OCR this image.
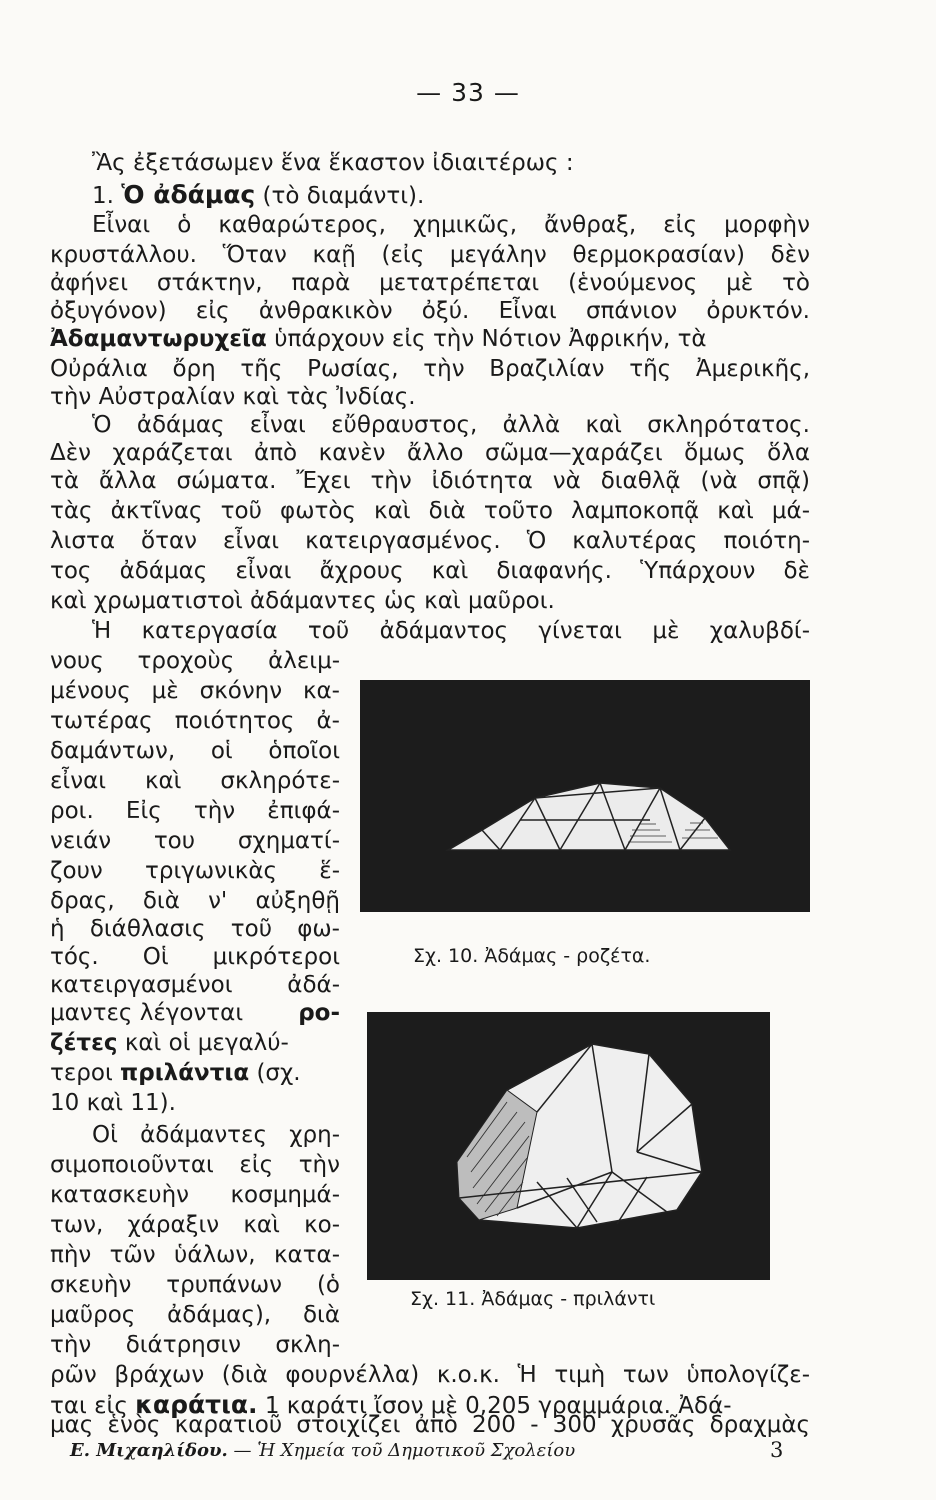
— 33 —
Ἂς ἐξετάσωμεν ἕνα ἕκαστον ἰδιαιτέρως :
1. Ὁ ἀδάμας (τὸ διαμάντι).
Εἶναι ὁ καθαρώτερος, χημικῶς, ἄνθραξ, εἰς μορφὴν
κρυστάλλου. Ὅταν καῇ (εἰς μεγάλην θερμοκρασίαν) δὲν
ἀφήνει στάκτην, παρὰ μετατρέπεται (ἑνούμενος μὲ τὸ
ὀξυγόνον) εἰς ἀνθρακικὸν ὀξύ. Εἶναι σπάνιον ὀρυκτόν.
Ἀδαμαντωρυχεῖα ὑπάρχουν εἰς τὴν Νότιον Ἀφρικήν, τὰ
Οὐράλια ὄρη τῆς Ρωσίας, τὴν Βραζιλίαν τῆς Ἀμερικῆς,
τὴν Αὐστραλίαν καὶ τὰς Ἰνδίας.
Ὁ ἀδάμας εἶναι εὔθραυστος, ἀλλὰ καὶ σκληρότατος.
Δὲν χαράζεται ἀπὸ κανὲν ἄλλο σῶμα—χαράζει ὅμως ὅλα
τὰ ἄλλα σώματα. Ἔχει τὴν ἰδιότητα νὰ διαθλᾷ (νὰ σπᾷ)
τὰς ἀκτῖνας τοῦ φωτὸς καὶ διὰ τοῦτο λαμποκοπᾷ καὶ μά-
λιστα ὅταν εἶναι κατειργασμένος. Ὁ καλυτέρας ποιότη-
τος ἀδάμας εἶναι ἄχρους καὶ διαφανής. Ὑπάρχουν δὲ
καὶ χρωματιστοὶ ἀδάμαντες ὡς καὶ μαῦροι.
Ἡ κατεργασία τοῦ ἀδάμαντος γίνεται μὲ χαλυβδί-
νους τροχοὺς ἀλειμ-
μένους μὲ σκόνην κα-
τωτέρας ποιότητος ἀ-
δαμάντων, οἱ ὁποῖοι
εἶναι καὶ σκληρότε-
ροι. Εἰς τὴν ἐπιφά-
νειάν του σχηματί-
ζουν τριγωνικὰς ἕ-
δρας, διὰ ν' αὐξηθῇ
ἡ διάθλασις τοῦ φω-
τός. Οἱ μικρότεροι
κατειργασμένοι ἀδά-
μαντες λέγονται ρο-
ζέτες καὶ οἱ μεγαλύ-
τεροι πριλάντια (σχ.
10 καὶ 11).
Οἱ ἀδάμαντες χρη-
σιμοποιοῦνται εἰς τὴν
κατασκευὴν κοσμημά-
των, χάραξιν καὶ κο-
πὴν τῶν ὑάλων, κατα-
σκευὴν τρυπάνων (ὁ
μαῦρος ἀδάμας), διὰ
τὴν διάτρησιν σκλη-
Σχ. 10. Ἀδάμας - ροζέτα.
Σχ. 11. Ἀδάμας - πριλάντι
ρῶν βράχων (διὰ φουρνέλλα) κ.ο.κ. Ἡ τιμὴ των ὑπολογίζε-
ται εἰς καράτια. 1 καράτι ἴσον μὲ 0,205 γραμμάρια. Ἀδά-
μας ἑνὸς καρατιοῦ στοιχίζει ἀπὸ 200 - 300 χρυσᾶς δραχμὰς
Ε. Μιχαηλίδου. — Ἡ Χημεία τοῦ Δημοτικοῦ Σχολείου	3
